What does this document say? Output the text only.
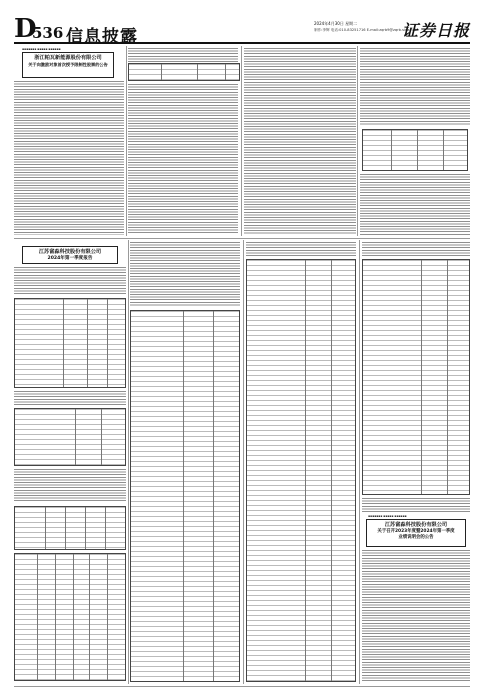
D
536 信息披露
2024年4月30日 星期二
制作:李辉 电话:010-83251716 E-mail:zqrb9@zqrb.sina.net
证券日报
▪▪▪▪▪▪▪ ▪▪▪▪▪ ▪▪▪▪▪▪
浙江帕瓦新能源股份有限公司
关于向激励对象首次授予限制性股票的公告
江苏富淼科技股份有限公司
2024年第一季度报告
▪▪▪▪▪▪▪ ▪▪▪▪▪ ▪▪▪▪▪▪
江苏富淼科技股份有限公司
关于召开2023年度暨2024年第一季度
业绩说明会的公告
